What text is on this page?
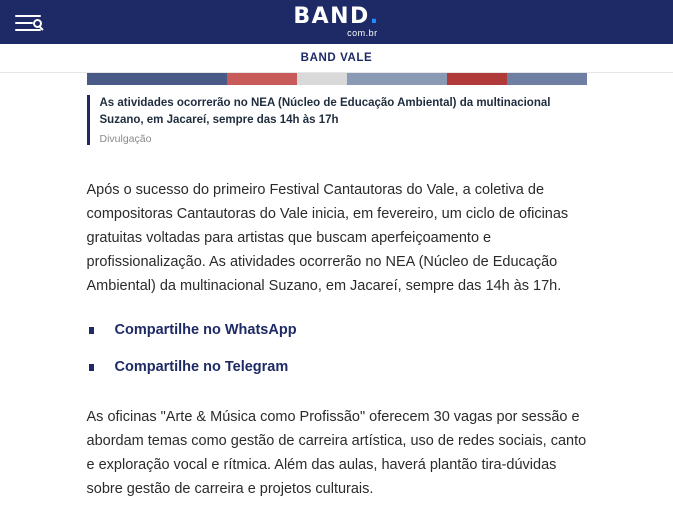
BAND.
com.br
BAND VALE

As atividades ocorrerão no NEA (Núcleo de Educação Ambiental) da multinacional Suzano, em Jacareí, sempre das 14h às 17h

Divulgação

Após o sucesso do primeiro Festival Cantautoras do Vale, a coletiva de compositoras Cantautoras do Vale inicia, em fevereiro, um ciclo de oficinas gratuitas voltadas para artistas que buscam aperfeiçoamento e profissionalização. As atividades ocorrerão no NEA (Núcleo de Educação Ambiental) da multinacional Suzano, em Jacareí, sempre das 14h às 17h.

Compartilhe no WhatsApp
Compartilhe no Telegram

As oficinas "Arte & Música como Profissão" oferecem 30 vagas por sessão e abordam temas como gestão de carreira artística, uso de redes sociais, canto e exploração vocal e rítmica. Além das aulas, haverá plantão tira-dúvidas sobre gestão de carreira e projetos culturais.
